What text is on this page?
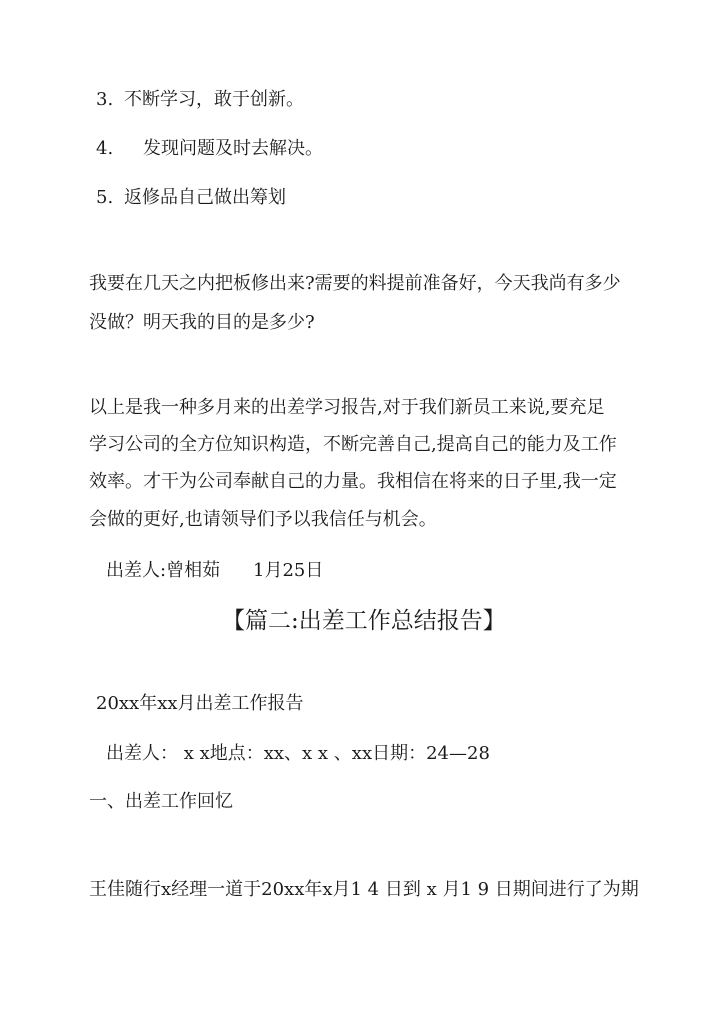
3. 不断学习，敢于创新。
4. 发现问题及时去解决。
5. 返修品自己做出筹划
我要在几天之内把板修出来?需要的料提前准备好，今天我尚有多少
没做？明天我的目的是多少?
以上是我一种多月来的出差学习报告,对于我们新员工来说,要充足
学习公司的全方位知识构造，不断完善自己,提高自己的能力及工作
效率。才干为公司奉献自己的力量。我相信在将来的日子里,我一定
会做的更好,也请领导们予以我信任与机会。
出差人:曾相茹 1月25日
【篇二:出差工作总结报告】
20xx年xx月出差工作报告
出差人： x x地点：xx、x x 、xx日期：24—28
一、出差工作回忆
王佳随行x经理一道于20xx年x月1 4 日到 x 月1 9 日期间进行了为期
